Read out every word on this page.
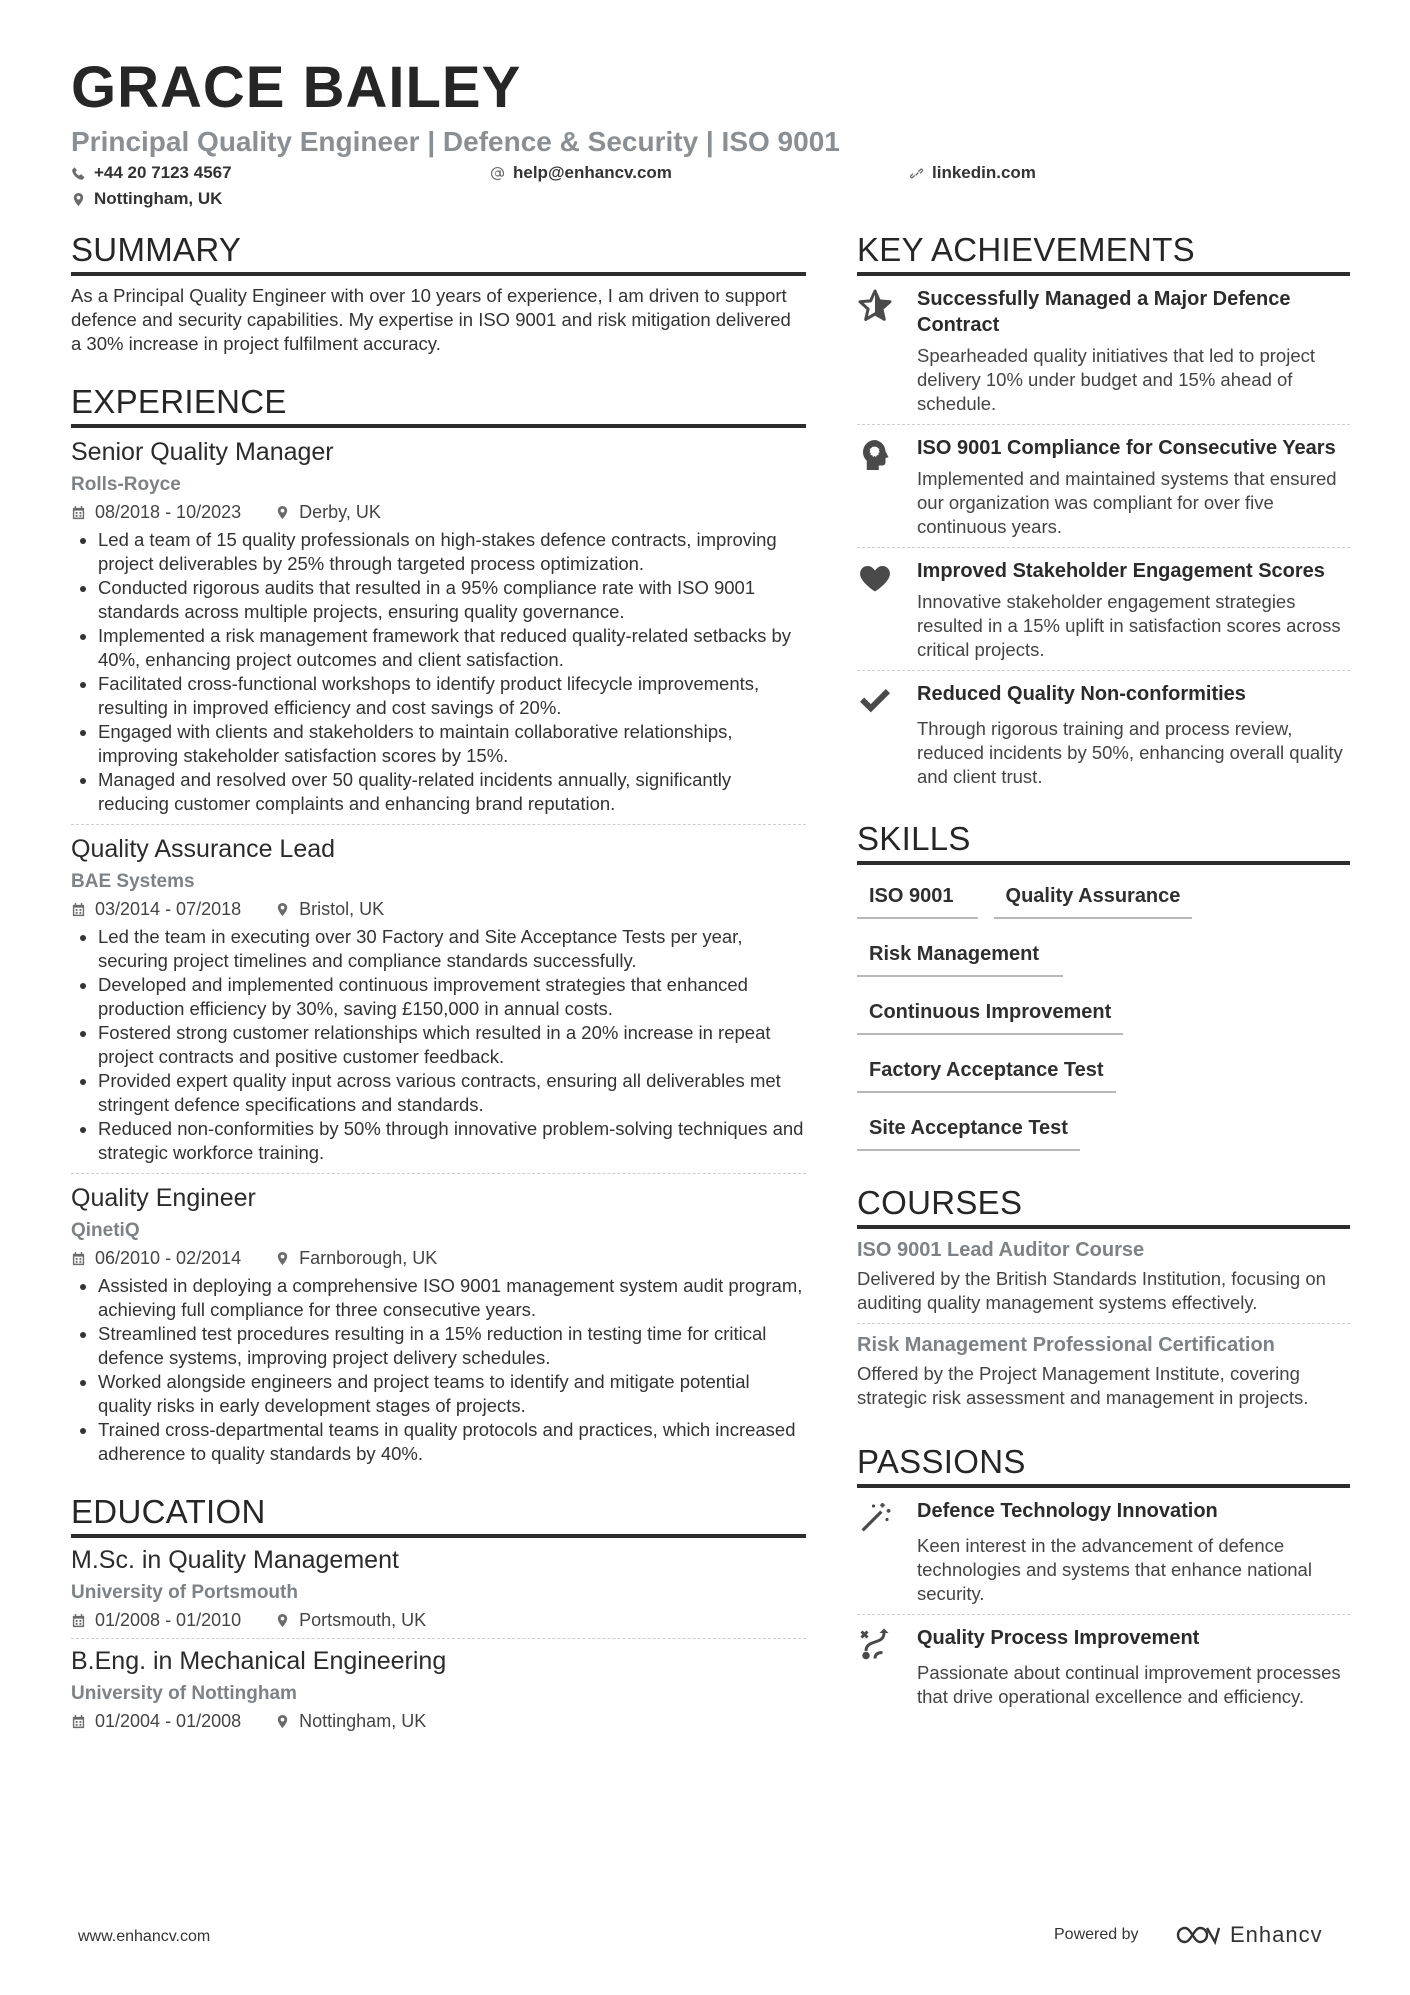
GRACE BAILEY
Principal Quality Engineer | Defence & Security | ISO 9001
+44 20 7123 4567	help@enhancv.com	linkedin.com
Nottingham, UK
SUMMARY

As a Principal Quality Engineer with over 10 years of experience, I am driven to support defence and security capabilities. My expertise in ISO 9001 and risk mitigation delivered a 30% increase in project fulfilment accuracy.

EXPERIENCE
Senior Quality Manager
Rolls-Royce
08/2018 - 10/2023	Derby, UK
• Led a team of 15 quality professionals on high-stakes defence contracts, improving project deliverables by 25% through targeted process optimization.
• Conducted rigorous audits that resulted in a 95% compliance rate with ISO 9001 standards across multiple projects, ensuring quality governance.
• Implemented a risk management framework that reduced quality-related setbacks by 40%, enhancing project outcomes and client satisfaction.
• Facilitated cross-functional workshops to identify product lifecycle improvements, resulting in improved efficiency and cost savings of 20%.
• Engaged with clients and stakeholders to maintain collaborative relationships, improving stakeholder satisfaction scores by 15%.
• Managed and resolved over 50 quality-related incidents annually, significantly reducing customer complaints and enhancing brand reputation.
Quality Assurance Lead
BAE Systems
03/2014 - 07/2018	Bristol, UK
• Led the team in executing over 30 Factory and Site Acceptance Tests per year, securing project timelines and compliance standards successfully.
• Developed and implemented continuous improvement strategies that enhanced production efficiency by 30%, saving £150,000 in annual costs.
• Fostered strong customer relationships which resulted in a 20% increase in repeat project contracts and positive customer feedback.
• Provided expert quality input across various contracts, ensuring all deliverables met stringent defence specifications and standards.
• Reduced non-conformities by 50% through innovative problem-solving techniques and strategic workforce training.
Quality Engineer
QinetiQ
06/2010 - 02/2014	Farnborough, UK
• Assisted in deploying a comprehensive ISO 9001 management system audit program, achieving full compliance for three consecutive years.
• Streamlined test procedures resulting in a 15% reduction in testing time for critical defence systems, improving project delivery schedules.
• Worked alongside engineers and project teams to identify and mitigate potential quality risks in early development stages of projects.
• Trained cross-departmental teams in quality protocols and practices, which increased adherence to quality standards by 40%.
EDUCATION
M.Sc. in Quality Management
University of Portsmouth
01/2008 - 01/2010	Portsmouth, UK
B.Eng. in Mechanical Engineering
University of Nottingham
01/2004 - 01/2008	Nottingham, UK
KEY ACHIEVEMENTS
Successfully Managed a Major Defence Contract
Spearheaded quality initiatives that led to project delivery 10% under budget and 15% ahead of schedule.
ISO 9001 Compliance for Consecutive Years
Implemented and maintained systems that ensured our organization was compliant for over five continuous years.
Improved Stakeholder Engagement Scores
Innovative stakeholder engagement strategies resulted in a 15% uplift in satisfaction scores across critical projects.
Reduced Quality Non-conformities
Through rigorous training and process review, reduced incidents by 50%, enhancing overall quality and client trust.
SKILLS
ISO 9001	Quality Assurance
Risk Management
Continuous Improvement
Factory Acceptance Test
Site Acceptance Test
COURSES
ISO 9001 Lead Auditor Course
Delivered by the British Standards Institution, focusing on auditing quality management systems effectively.
Risk Management Professional Certification
Offered by the Project Management Institute, covering strategic risk assessment and management in projects.
PASSIONS
Defence Technology Innovation
Keen interest in the advancement of defence technologies and systems that enhance national security.
Quality Process Improvement
Passionate about continual improvement processes that drive operational excellence and efficiency.
www.enhancv.com	Powered by	Enhancv
